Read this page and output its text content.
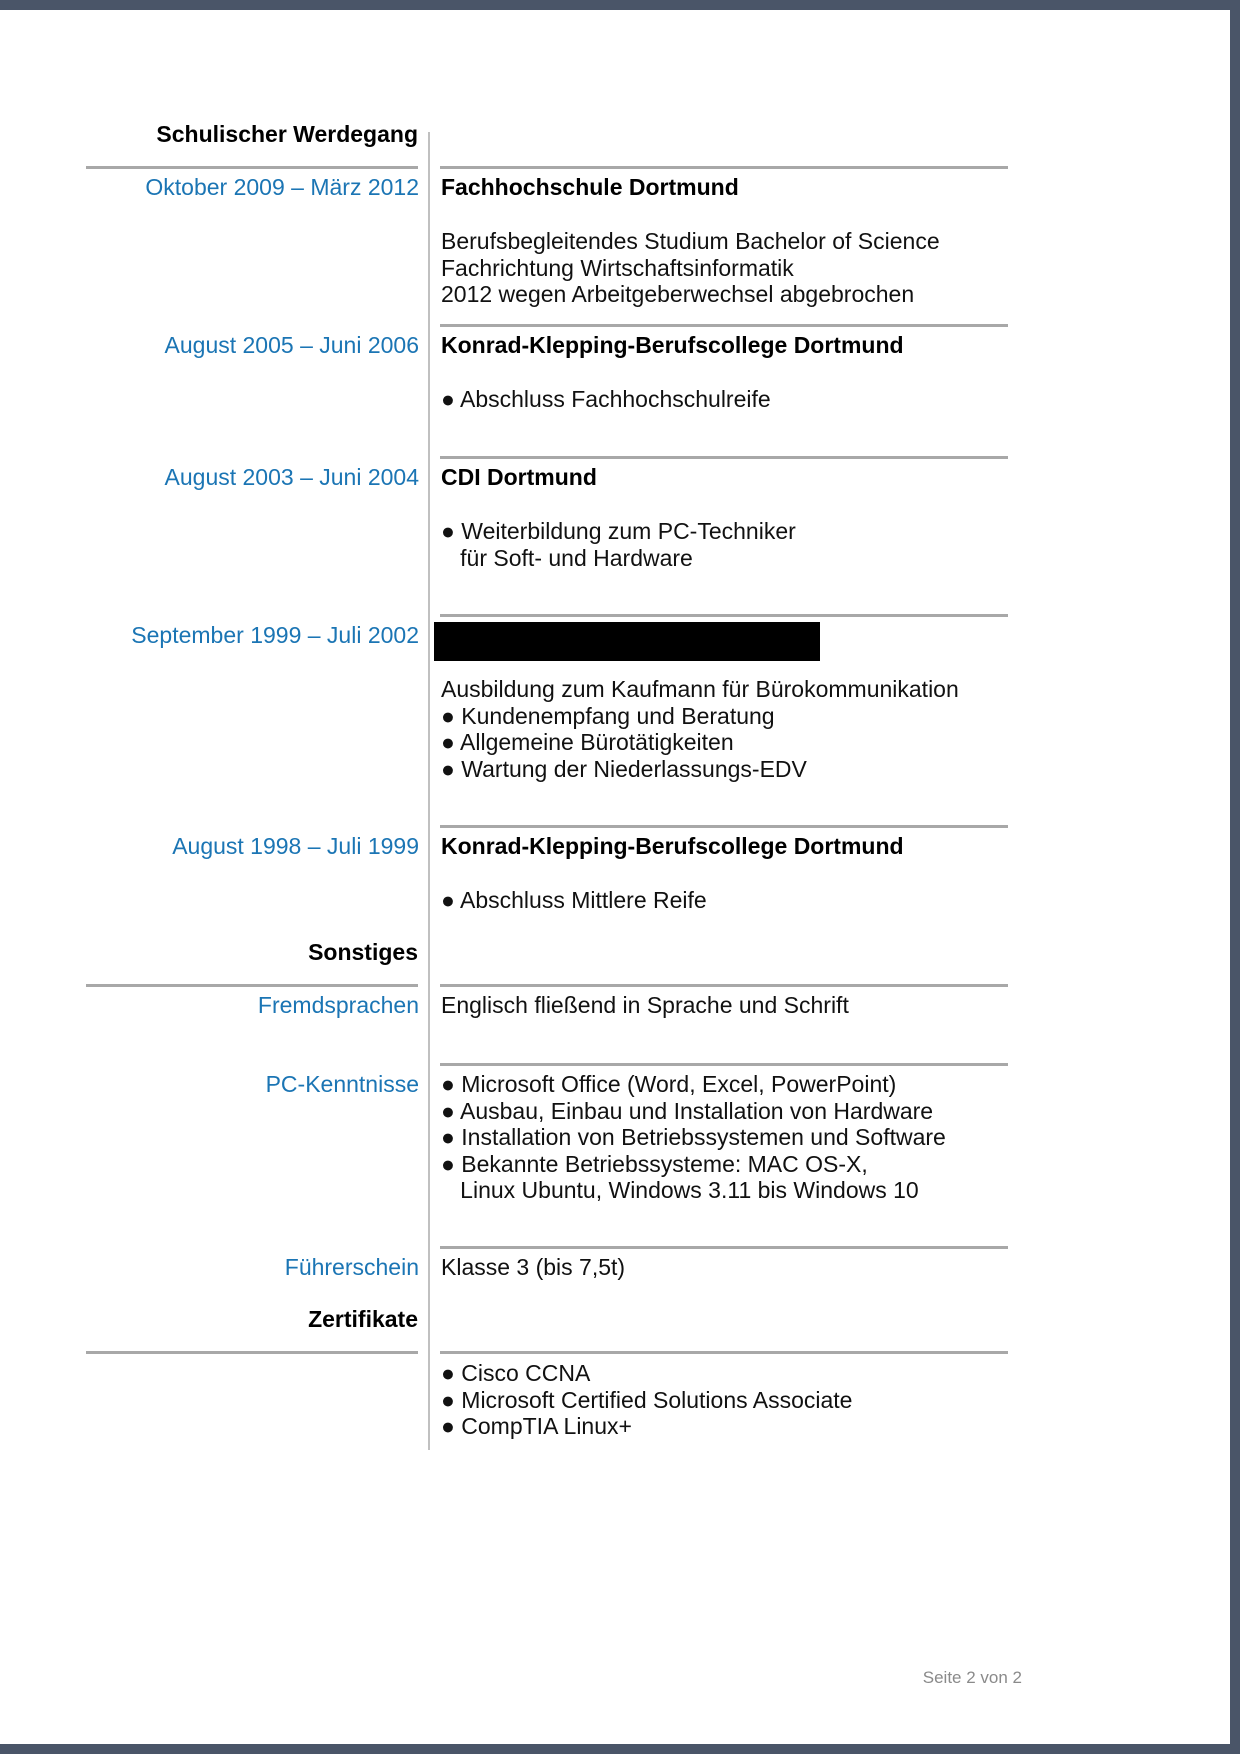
Schulischer Werdegang
Oktober 2009 – März 2012 Fachhochschule Dortmund
Berufsbegleitendes Studium Bachelor of Science
Fachrichtung Wirtschaftsinformatik
2012 wegen Arbeitgeberwechsel abgebrochen
August 2005 – Juni 2006 Konrad-Klepping-Berufscollege Dortmund
● Abschluss Fachhochschulreife
August 2003 – Juni 2004 CDI Dortmund
● Weiterbildung zum PC-Techniker
für Soft- und Hardware
September 1999 – Juli 2002
Ausbildung zum Kaufmann für Bürokommunikation
● Kundenempfang und Beratung
● Allgemeine Bürotätigkeiten
● Wartung der Niederlassungs-EDV
August 1998 – Juli 1999 Konrad-Klepping-Berufscollege Dortmund
● Abschluss Mittlere Reife
Sonstiges
Fremdsprachen Englisch fließend in Sprache und Schrift
PC-Kenntnisse ● Microsoft Office (Word, Excel, PowerPoint)
● Ausbau, Einbau und Installation von Hardware
● Installation von Betriebssystemen und Software
● Bekannte Betriebssysteme: MAC OS-X,
Linux Ubuntu, Windows 3.11 bis Windows 10
Führerschein Klasse 3 (bis 7,5t)
Zertifikate
● Cisco CCNA
● Microsoft Certified Solutions Associate
● CompTIA Linux+
Seite 2 von 2
